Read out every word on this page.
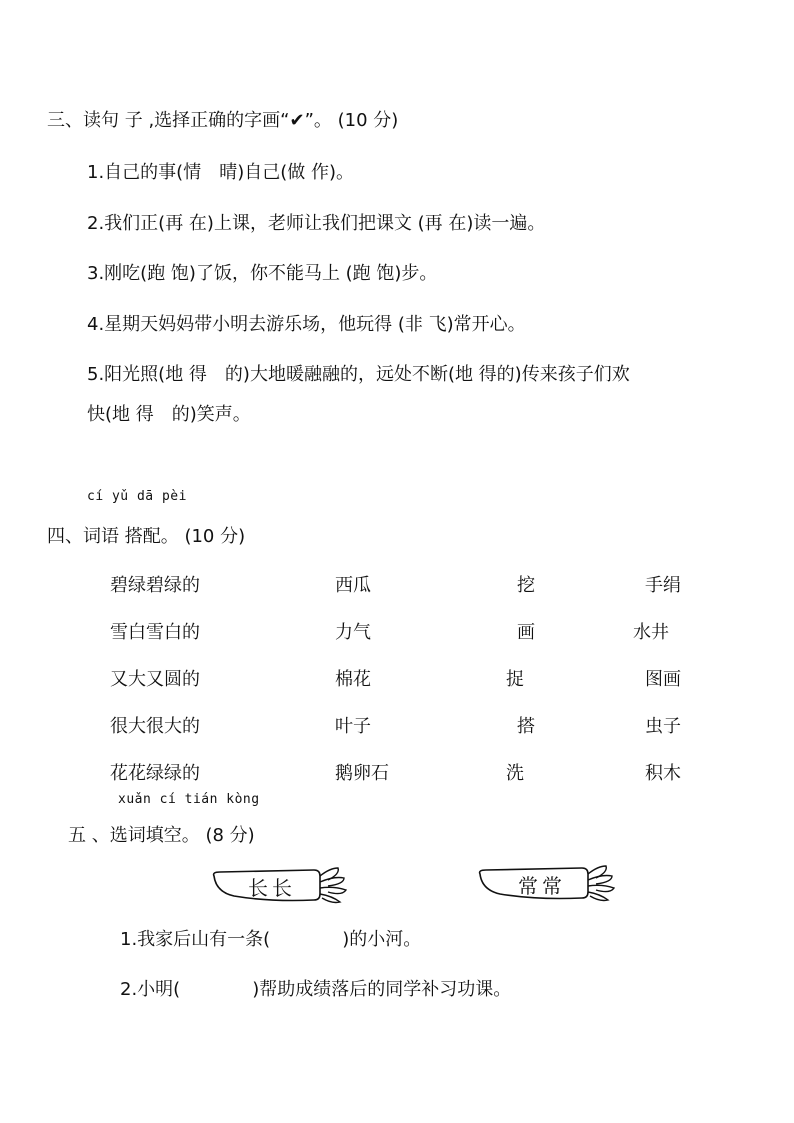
三、读句 子 ,选择正确的字画“✔”。 (10 分)
1.自己的事(情　晴)自己(做 作)。
2.我们正(再 在)上课，老师让我们把课文 (再 在)读一遍。
3.刚吃(跑 饱)了饭，你不能马上 (跑 饱)步。
4.星期天妈妈带小明去游乐场，他玩得 (非 飞)常开心。
5.阳光照(地 得　的)大地暖融融的，远处不断(地 得的)传来孩子们欢
快(地 得　的)笑声。
cí yǔ dā pèi
四、词语 搭配。 (10 分)
碧绿碧绿的
雪白雪白的
又大又圆的
很大很大的
花花绿绿的
西瓜
力气
棉花
叶子
鹅卵石
挖
画
捉
搭
洗
手绢
水井
图画
虫子
积木
xuǎn cí tián kòng
五 、选词填空。 (8 分)
长长	常常
1.我家后山有一条(　　　　)的小河。
2.小明(　　　　)帮助成绩落后的同学补习功课。
